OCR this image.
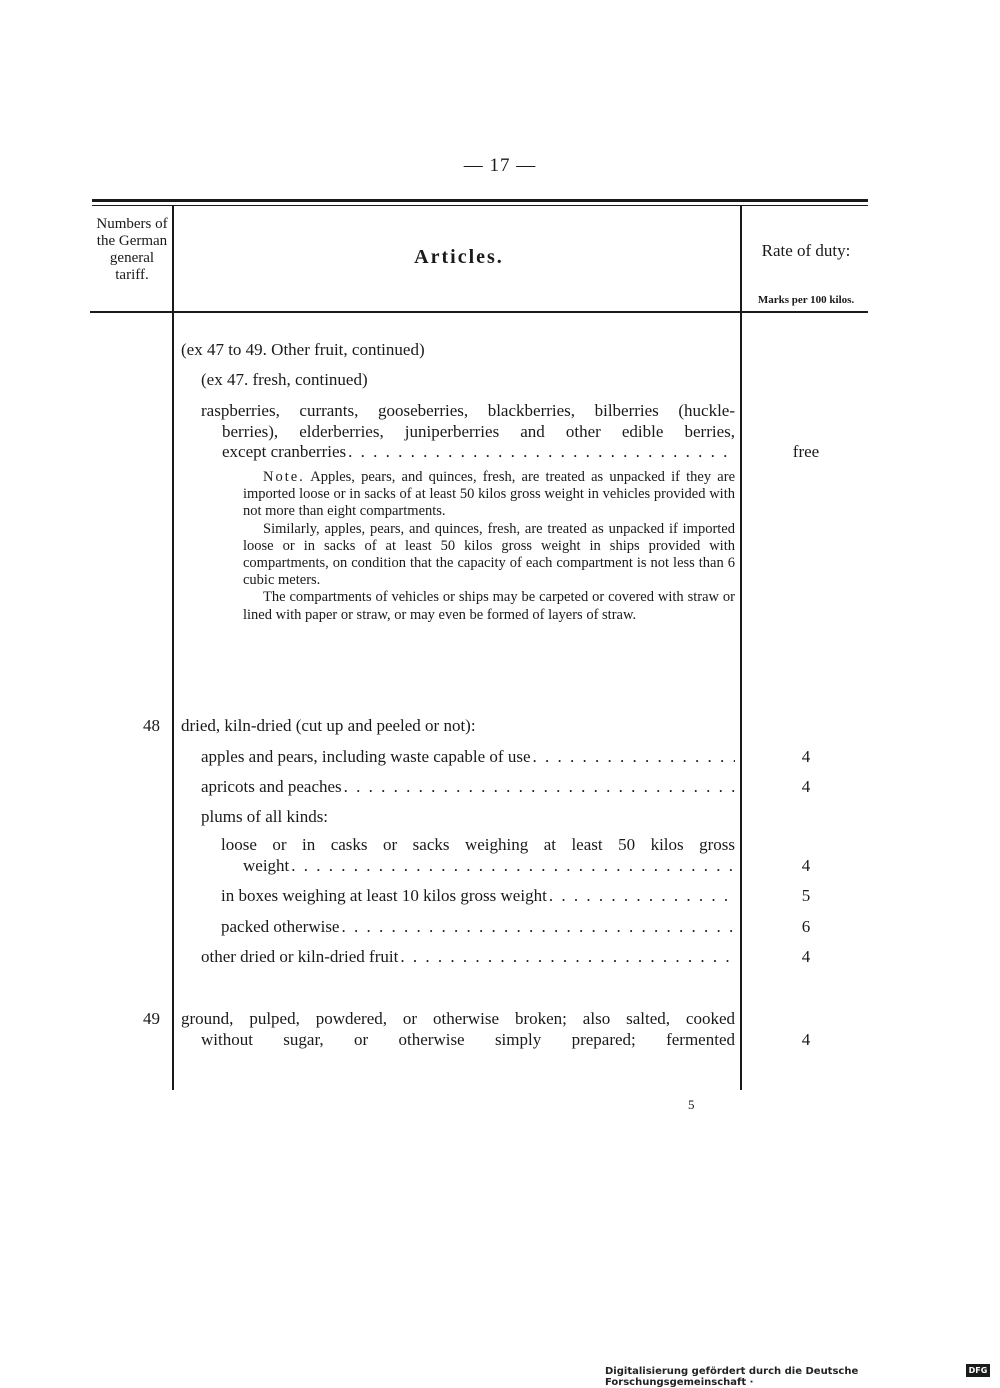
— 17 —
Numbers of the German general tariff.
Articles.	Rate of duty:
Marks per 100 kilos.
(ex 47 to 49. Other fruit, continued)
(ex 47. fresh, continued)
raspberries, currants, gooseberries, blackberries, bilberries (huckle-
berries), elderberries, juniperberries and other edible berries,
except cranberries . . .	free

Note. Apples, pears, and quinces, fresh, are treated as unpacked if they are imported loose or in sacks of at least 50 kilos gross weight in vehicles provided with not more than eight compartments.

Similarly, apples, pears, and quinces, fresh, are treated as unpacked if imported loose or in sacks of at least 50 kilos gross weight in ships provided with compartments, on condition that the capacity of each compartment is not less than 6 cubic meters.

The compartments of vehicles or ships may be carpeted or covered with straw or lined with paper or straw, or may even be formed of layers of straw.

48	dried, kiln-dried (cut up and peeled or not):
apples and pears, including waste capable of use . . .	4
apricots and peaches . . .	4
plums of all kinds:
loose or in casks or sacks weighing at least 50 kilos gross
weight . . .	4
in boxes weighing at least 10 kilos gross weight . . .	5
packed otherwise . . .	6
other dried or kiln-dried fruit . . .	4
49	ground, pulped, powdered, or otherwise broken; also salted, cooked
without sugar, or otherwise simply prepared; fermented	4
5
Digitalisierung gefördert durch die Deutsche Forschungsgemeinschaft ·
DFG
